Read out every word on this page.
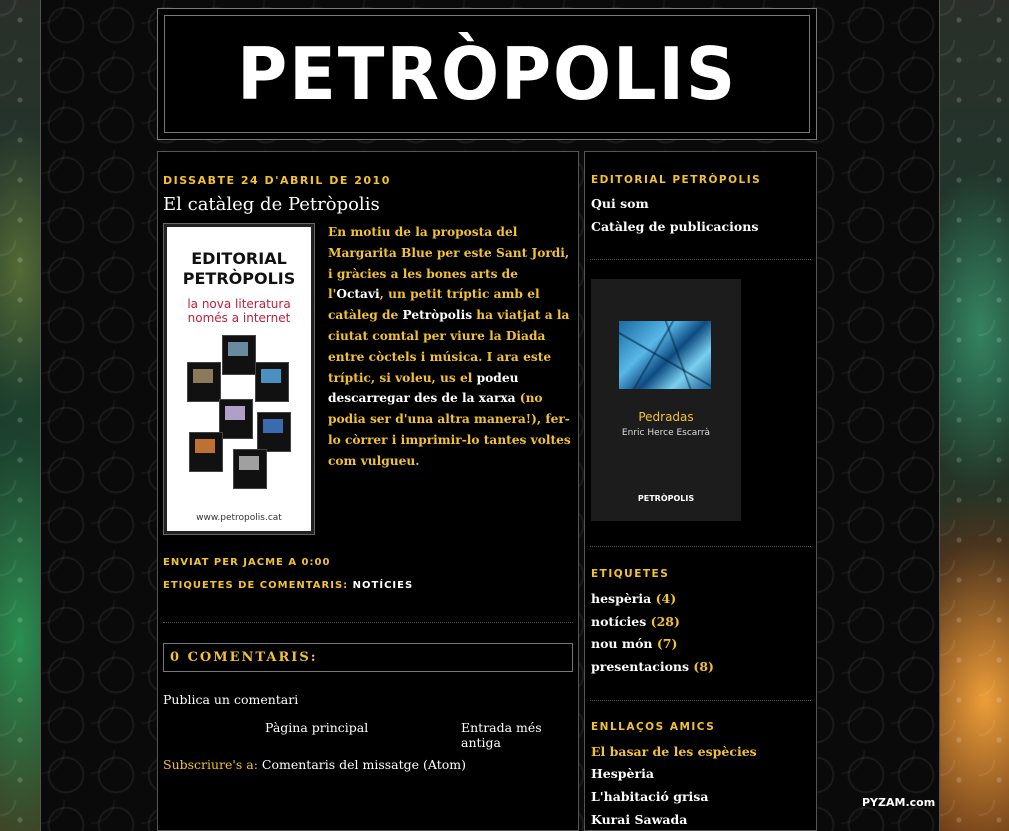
PETRÒPOLIS
DISSABTE 24 D'ABRIL DE 2010
El catàleg de Petròpolis
EDITORIAL
PETRÒPOLIS
la nova literatura
només a internet
www.petropolis.cat

En motiu de la proposta del Margarita Blue per este Sant Jordi, i gràcies a les bones arts de l'Octavi, un petit tríptic amb el catàleg de Petròpolis ha viatjat a la ciutat comtal per viure la Diada entre còctels i música. I ara este tríptic, si voleu, us el podeu descarregar des de la xarxa (no podia ser d'una altra manera!), fer-lo còrrer i imprimir-lo tantes voltes com vulgueu.

ENVIAT PER JACME A 0:00
ETIQUETES DE COMENTARIS: NOTÍCIES
0 COMENTARIS:
Publica un comentari
Pàgina principal	Entrada més antiga
Subscriure's a: Comentaris del missatge (Atom)
EDITORIAL PETRÒPOLIS
Qui som
Catàleg de publicacions
Pedradas
Enric Herce Escarrà
PETRÒPOLIS
ETIQUETES
hespèria (4)
notícies (28)
nou món (7)
presentacions (8)
ENLLAÇOS AMICS
El basar de les espècies
Hespèria
L'habitació grisa
Kurai Sawada
PYZAM.com
